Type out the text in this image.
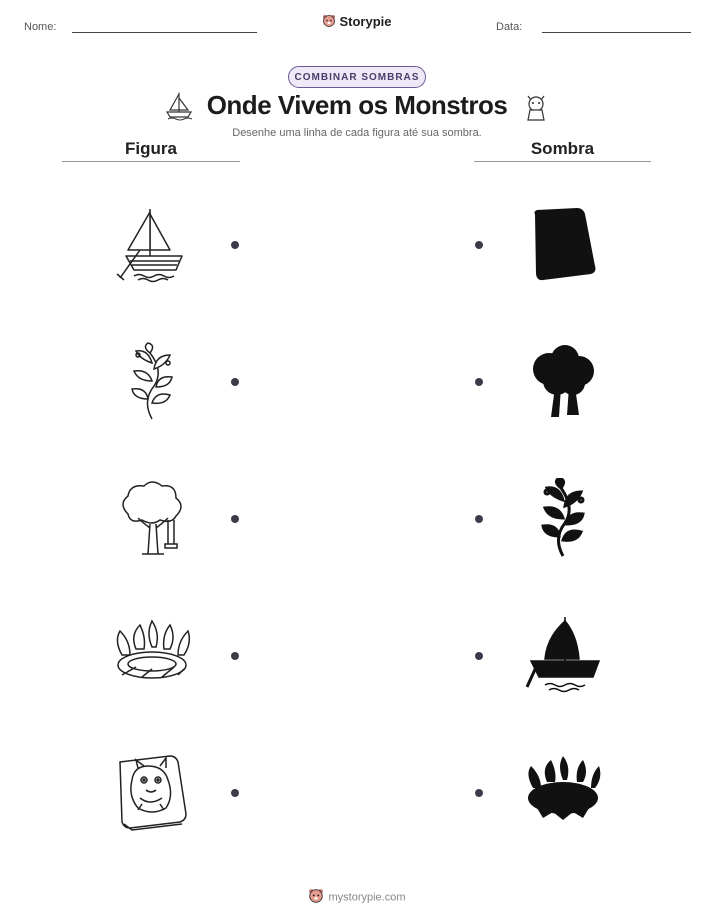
Nome:	Data:
Storypie
COMBINAR SOMBRAS
Onde Vivem os Monstros
Desenhe uma linha de cada figura até sua sombra.
Figura	Sombra
mystorypie.com
